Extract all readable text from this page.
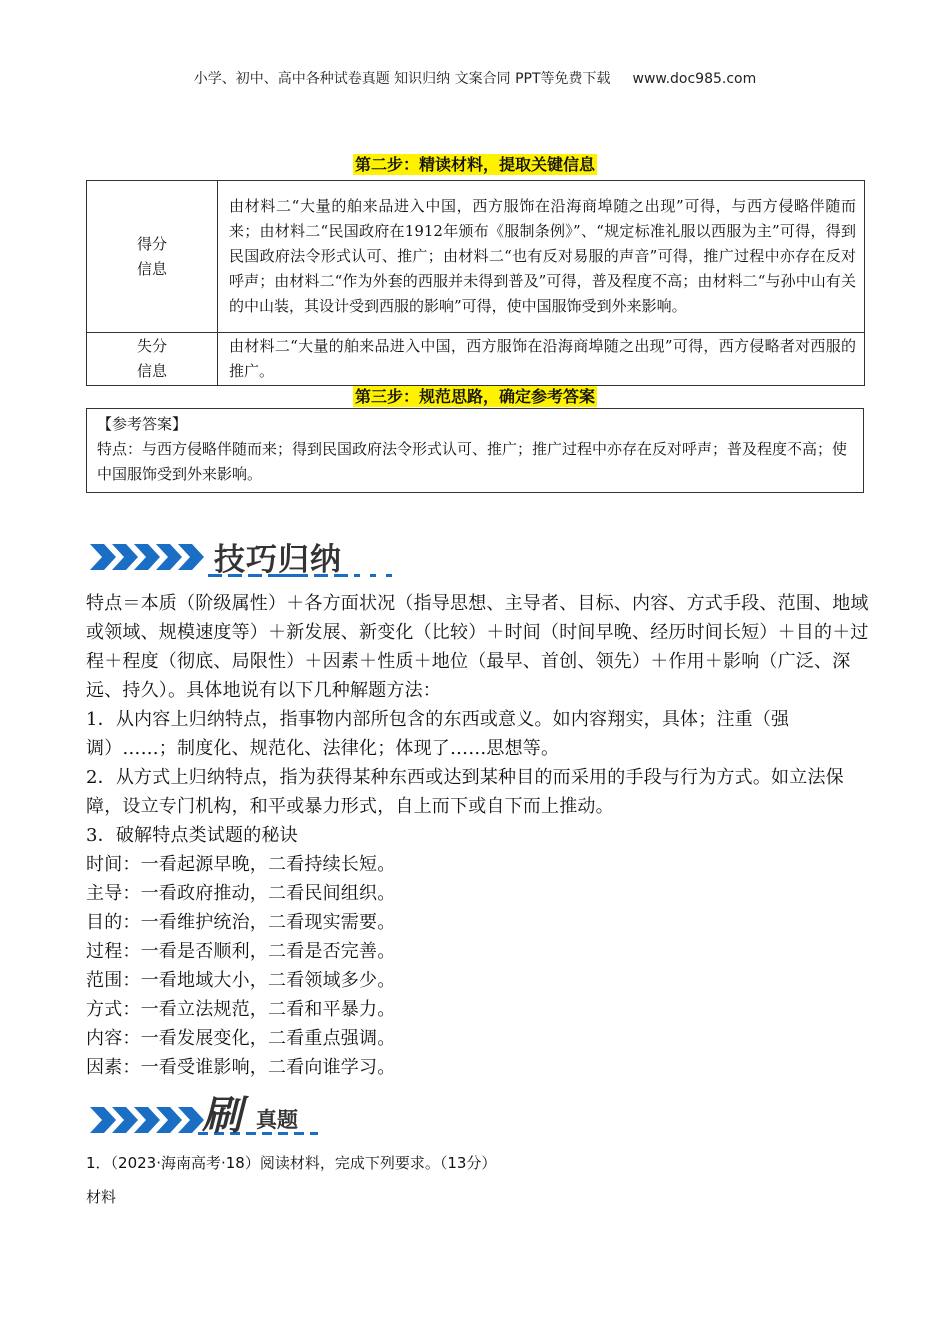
小学、初中、高中各种试卷真题 知识归纳 文案合同 PPT等免费下载 www.doc985.com
第二步：精读材料，提取关键信息
得分
信息	由材料二“大量的舶来品进入中国，西方服饰在沿海商埠随之出现”可得，与西方侵略伴随而来；由材料二“民国政府在1912年颁布《服制条例》”、“规定标准礼服以西服为主”可得，得到民国政府法令形式认可、推广；由材料二“也有反对易服的声音”可得，推广过程中亦存在反对呼声；由材料二“作为外套的西服并未得到普及”可得，普及程度不高；由材料二“与孙中山有关的中山装，其设计受到西服的影响”可得，使中国服饰受到外来影响。
失分
信息	由材料二“大量的舶来品进入中国，西方服饰在沿海商埠随之出现”可得，西方侵略者对西服的推广。
第三步：规范思路，确定参考答案
【参考答案】
特点：与西方侵略伴随而来；得到民国政府法令形式认可、推广；推广过程中亦存在反对呼声；普及程度不高；使中国服饰受到外来影响。
技巧归纳

特点＝本质（阶级属性）＋各方面状况（指导思想、主导者、目标、内容、方式手段、范围、地域或领域、规模速度等）＋新发展、新变化（比较）＋时间（时间早晚、经历时间长短）＋目的＋过程＋程度（彻底、局限性）＋因素＋性质＋地位（最早、首创、领先）＋作用＋影响（广泛、深远、持久）。具体地说有以下几种解题方法：

1．从内容上归纳特点，指事物内部所包含的东西或意义。如内容翔实，具体；注重（强调）……；制度化、规范化、法律化；体现了……思想等。

2．从方式上归纳特点，指为获得某种东西或达到某种目的而采用的手段与行为方式。如立法保障，设立专门机构，和平或暴力形式，自上而下或自下而上推动。

3．破解特点类试题的秘诀

时间：一看起源早晚，二看持续长短。

主导：一看政府推动，二看民间组织。

目的：一看维护统治，二看现实需要。

过程：一看是否顺利，二看是否完善。

范围：一看地域大小，二看领域多少。

方式：一看立法规范，二看和平暴力。

内容：一看发展变化，二看重点强调。

因素：一看受谁影响，二看向谁学习。

刷 真题
1．（2023·海南高考·18）阅读材料，完成下列要求。（13分）
材料
